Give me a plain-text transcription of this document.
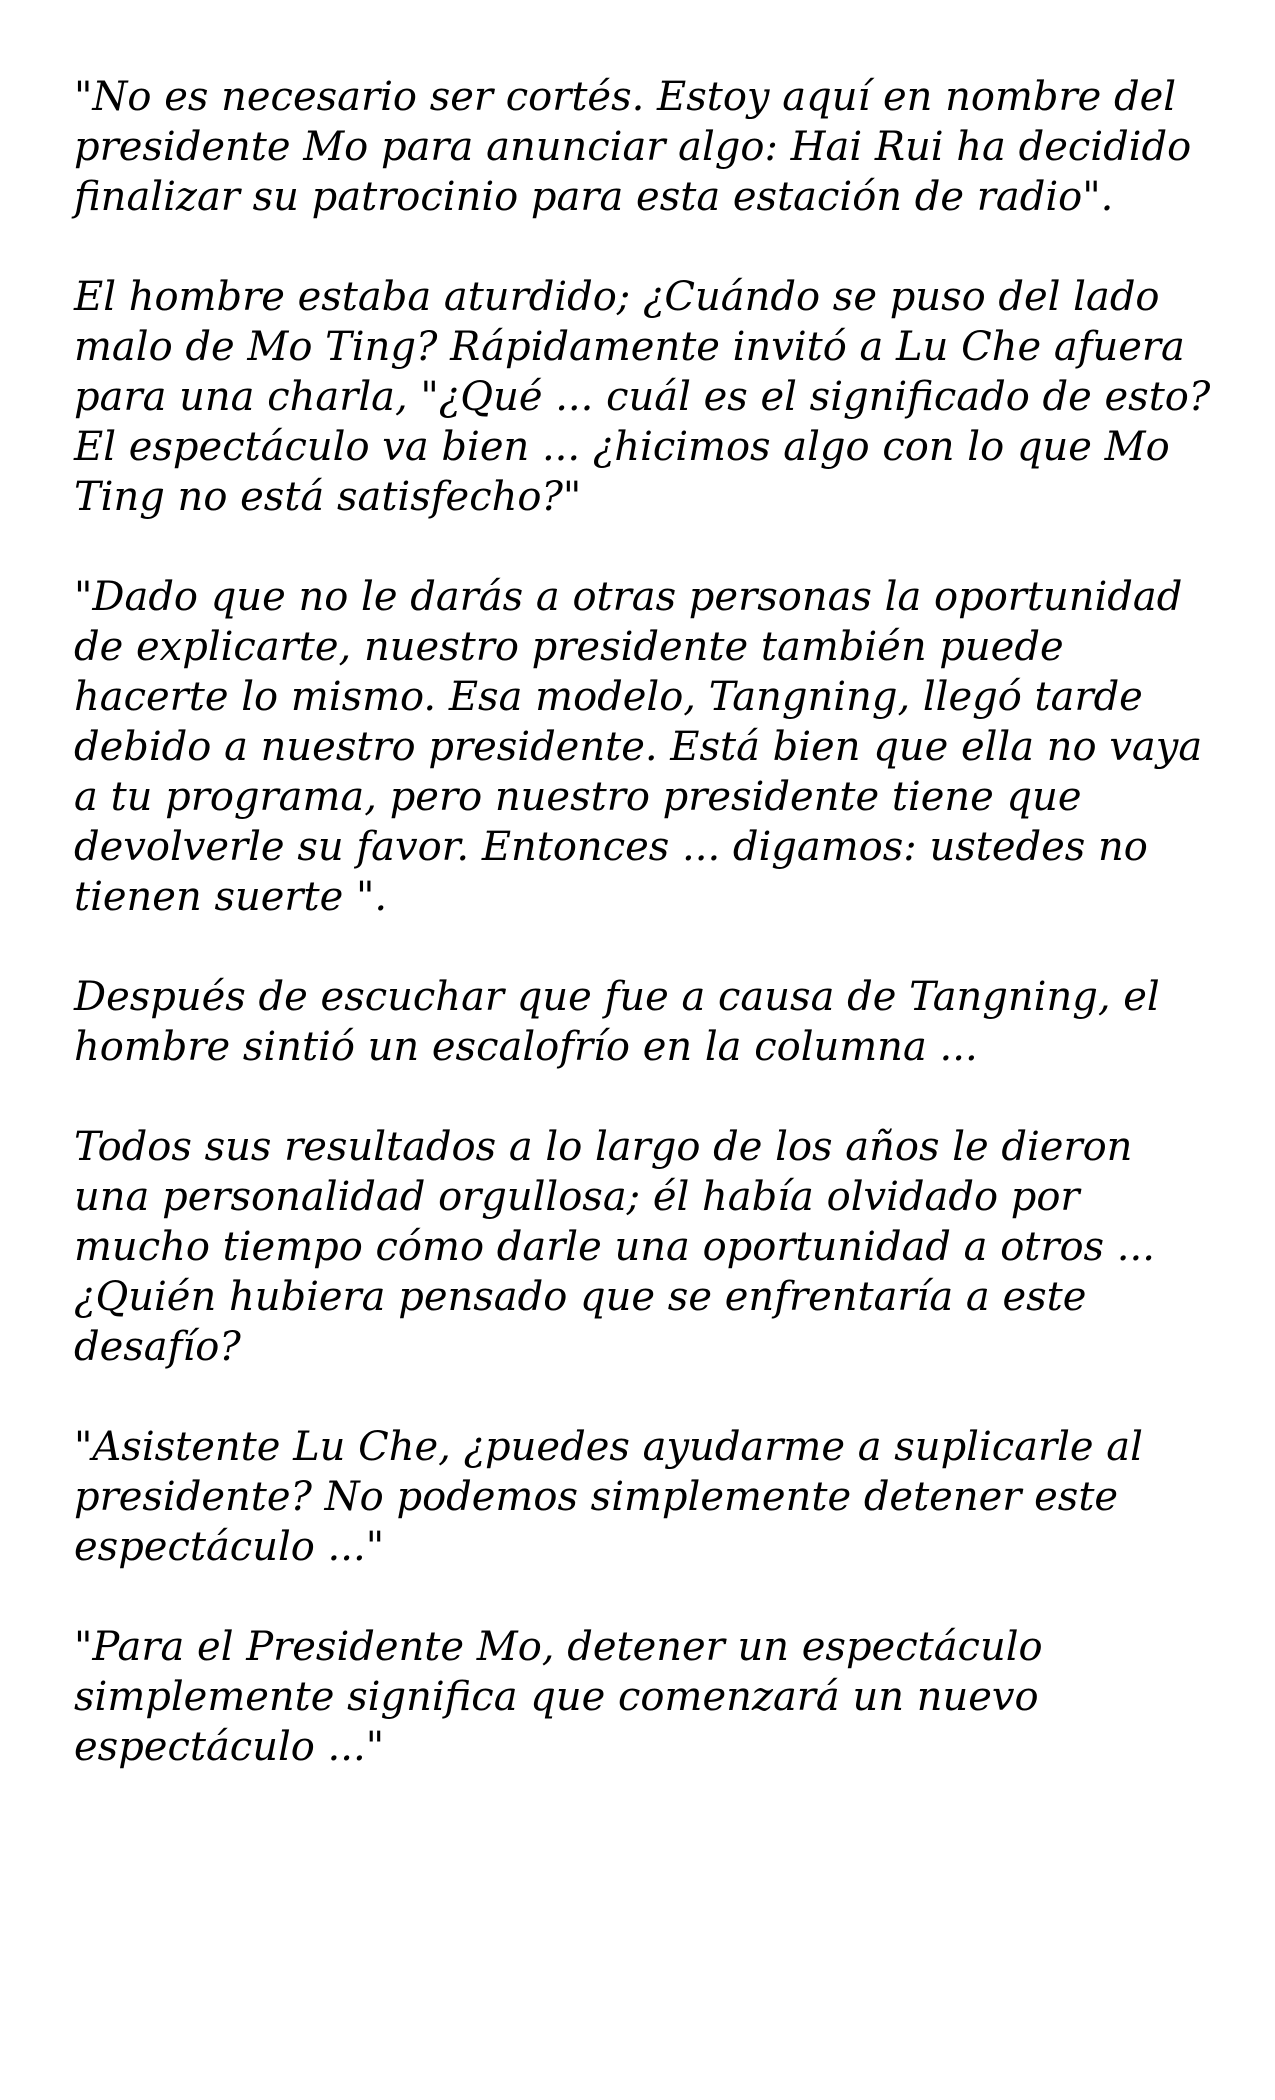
"No es necesario ser cortés. Estoy aquí en nombre del presidente Mo para anunciar algo: Hai Rui ha decidido finalizar su patrocinio para esta estación de radio".

El hombre estaba aturdido; ¿Cuándo se puso del lado malo de Mo Ting? Rápidamente invitó a Lu Che afuera para una charla, "¿Qué ... cuál es el significado de esto? El espectáculo va bien ... ¿hicimos algo con lo que Mo Ting no está satisfecho?"

"Dado que no le darás a otras personas la oportunidad de explicarte, nuestro presidente también puede hacerte lo mismo. Esa modelo, Tangning, llegó tarde debido a nuestro presidente. Está bien que ella no vaya a tu programa, pero nuestro presidente tiene que devolverle su favor. Entonces ... digamos: ustedes no tienen suerte ".

Después de escuchar que fue a causa de Tangning, el hombre sintió un escalofrío en la columna ...

Todos sus resultados a lo largo de los años le dieron una personalidad orgullosa; él había olvidado por mucho tiempo cómo darle una oportunidad a otros ...
¿Quién hubiera pensado que se enfrentaría a este desafío?

"Asistente Lu Che, ¿puedes ayudarme a suplicarle al presidente? No podemos simplemente detener este espectáculo ..."

"Para el Presidente Mo, detener un espectáculo simplemente significa que comenzará un nuevo espectáculo ..."
